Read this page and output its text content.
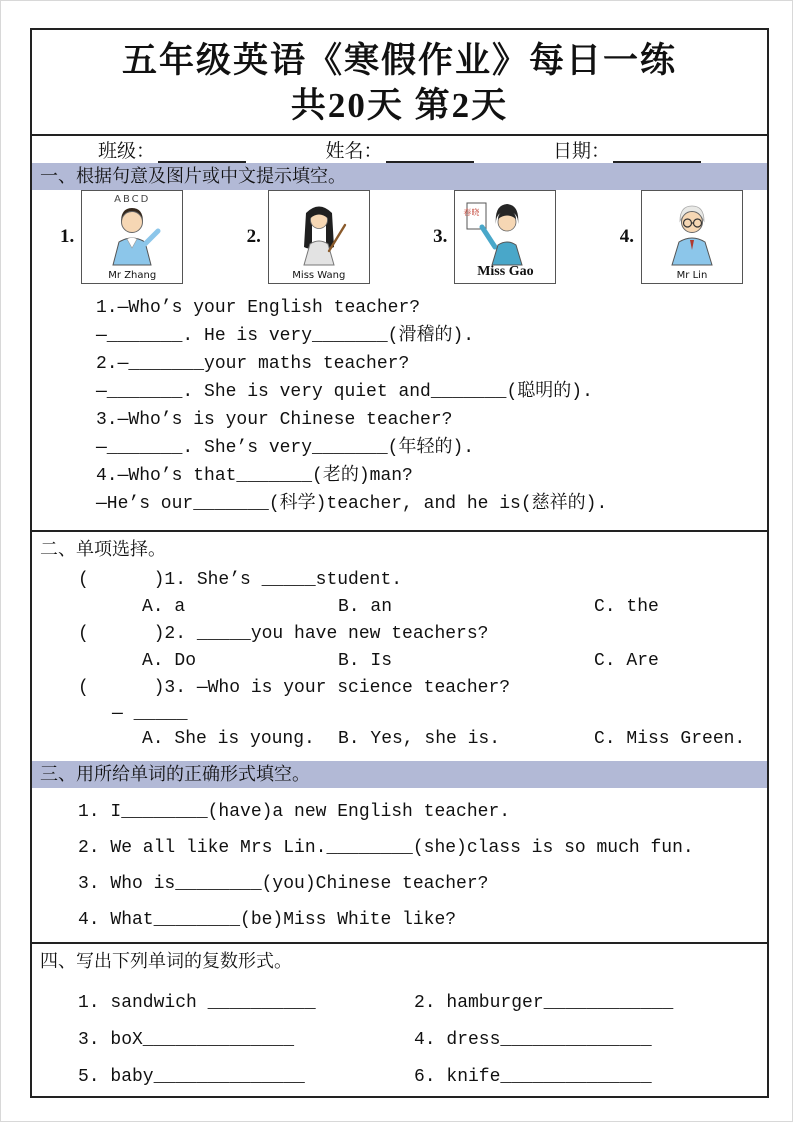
五年级英语《寒假作业》每日一练
共20天 第2天
班级：	姓名：	日期：
一、根据句意及图片或中文提示填空。
1.
ABCD
Mr Zhang
2.
Miss Wang
3.
春晓
Miss Gao
4.
Mr Lin
1.—Who’s your English teacher?
—_______. He is very_______(滑稽的).
2.—_______your maths teacher?
—_______. She is very quiet and_______(聪明的).
3.—Who’s is your Chinese teacher?
—_______. She’s very_______(年轻的).
4.—Who’s that_______(老的)man?
—He’s our_______(科学)teacher, and he is(慈祥的).
二、单项选择。
(      )1. She’s _____student.
A. a	B. an	C. the
(      )2. _____you have new teachers?
A. Do	B. Is	C. Are
(      )3. —Who is your science teacher?
— _____
A. She is young.	B. Yes, she is.	C. Miss Green.
三、用所给单词的正确形式填空。
1. I________(have)a new English teacher.
2. We all like Mrs Lin.________(she)class is so much fun.
3. Who is________(you)Chinese teacher?
4. What________(be)Miss White like?
四、写出下列单词的复数形式。
1. sandwich __________	2. hamburger____________
3. boX______________	4. dress______________
5. baby______________	6. knife______________
